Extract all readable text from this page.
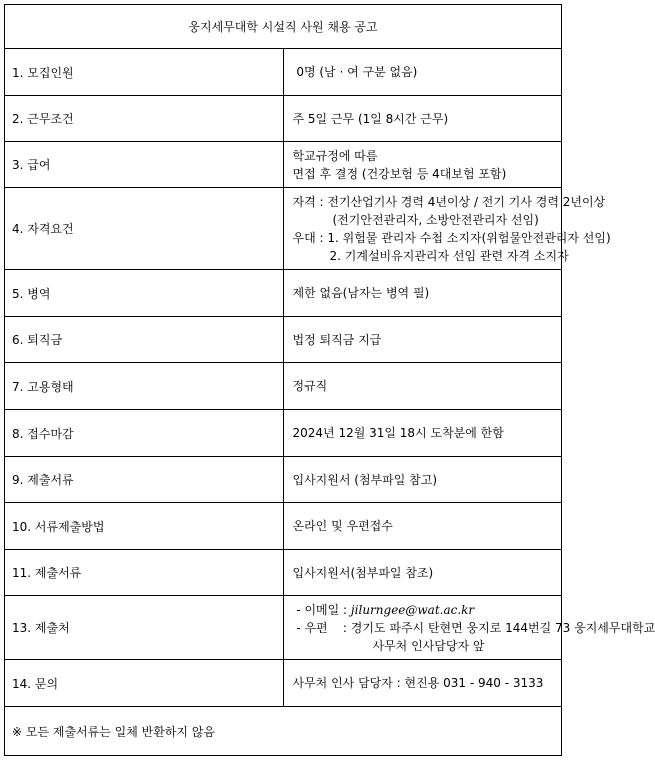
웅지세무대학 시설직 사원 채용 공고	
1. 모집인원	0명 (남 · 여 구분 없음)

2. 근무조건	주 5일 근무 (1일 8시간 근무)

3. 급여	학교규정에 따름
면접 후 결정 (건강보험 등 4대보험 포함)

4. 자격요건	자격 : 전기산업기사 경력 4년이상 / 전기 기사 경력 2년이상
(전기안전관리자, 소방안전관리자 선임)
우대 : 1. 위험물 관리자 수첩 소지자(위험물안전관리자 선임)
2. 기계설비유지관리자 선임 관련 자격 소지자

5. 병역	제한 없음(남자는 병역 필)

6. 퇴직금	법정 퇴직금 지급

7. 고용형태	정규직

8. 접수마감	2024년 12월 31일 18시 도착분에 한함

9. 제출서류	입사지원서 (첨부파일 참고)

10. 서류제출방법	온라인 및 우편접수

11. 제출서류	입사지원서(첨부파일 참조)

13. 제출처	- 이메일 : jilurngee@wat.ac.kr
- 우편    : 경기도 파주시 탄현면 웅지로 144번길 73 웅지세무대학교
사무처 인사담당자 앞

14. 문의	사무처 인사 담당자 : 현진용 031 - 940 - 3133

※ 모든 제출서류는 일체 반환하지 않음	
